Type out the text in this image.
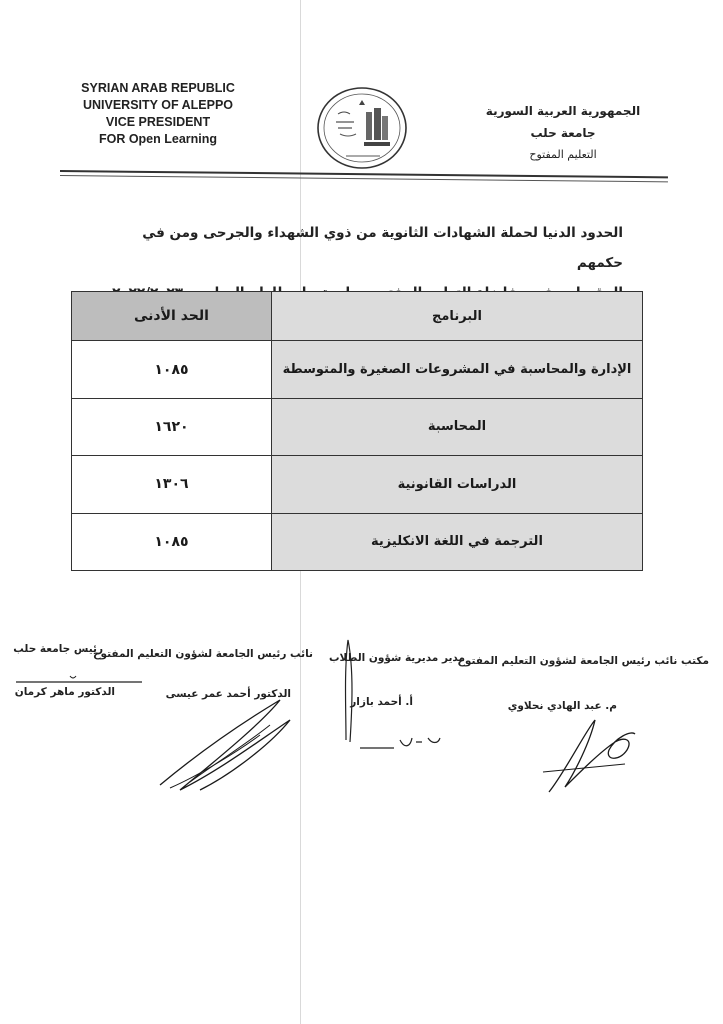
SYRIAN ARAB REPUBLIC
UNIVERSITY OF ALEPPO
VICE PRESIDENT
FOR Open Learning
الجمهورية العربية السورية
جامعة حلب
التعليم المفتوح
الحدود الدنيا لحملة الشهادات الثانوية من ذوي الشهداء والجرحى ومن في حكمهم
الحد الأدنى	البرنامج
١٠٨٥	الإدارة والمحاسبة في المشروعات الصغيرة والمتوسطة
١٦٢٠	المحاسبة
١٣٠٦	الدراسات القانونية
١٠٨٥	الترجمة في اللغة الانكليزية
رئيس جامعة حلب
نائب رئيس الجامعة لشؤون التعليم المفتوح مدير مديرية شؤون الطلاب
مكتب نائب رئيس الجامعة لشؤون التعليم المفتوح
الدكتور ماهر كرمان	الدكتور أحمد عمر عيسى
أ. أحمد بازار	م. عبد الهادي نحلاوي
